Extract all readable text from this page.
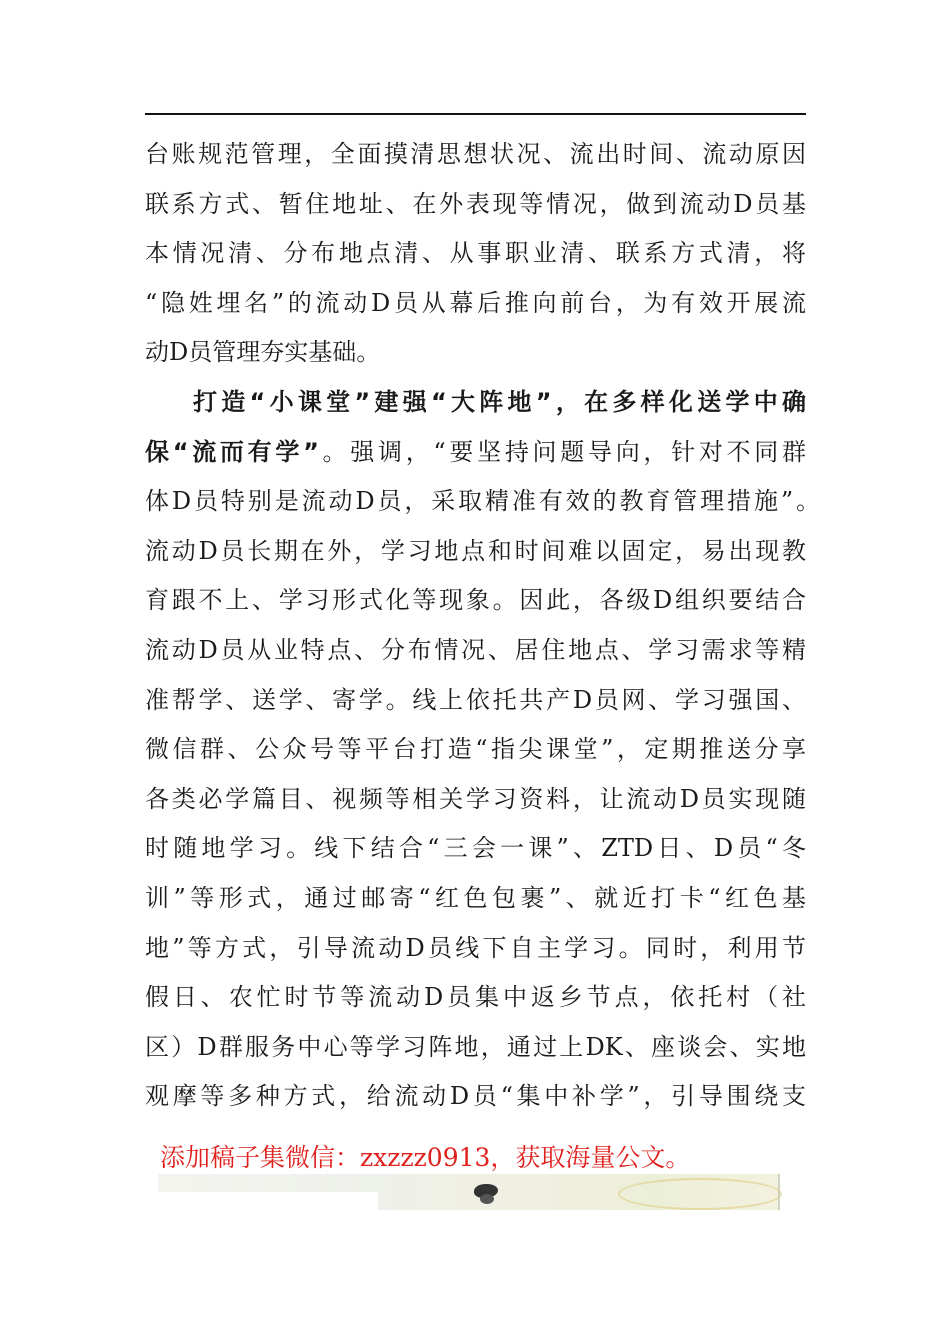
台账规范管理，全面摸清思想状况、流出时间、流动原因
联系方式、暂住地址、在外表现等情况，做到流动D员基
本情况清、分布地点清、从事职业清、联系方式清，将
“隐姓埋名”的流动D员从幕后推向前台，为有效开展流
动D员管理夯实基础。
打造“小课堂”建强“大阵地”，在多样化送学中确
保“流而有学”。强调，“要坚持问题导向，针对不同群
体D员特别是流动D员，采取精准有效的教育管理措施”。
流动D员长期在外，学习地点和时间难以固定，易出现教
育跟不上、学习形式化等现象。因此，各级D组织要结合
流动D员从业特点、分布情况、居住地点、学习需求等精
准帮学、送学、寄学。线上依托共产D员网、学习强国、
微信群、公众号等平台打造“指尖课堂”，定期推送分享
各类必学篇目、视频等相关学习资料，让流动D员实现随
时随地学习。线下结合“三会一课”、ZTD日、D员“冬
训”等形式，通过邮寄“红色包裹”、就近打卡“红色基
地”等方式，引导流动D员线下自主学习。同时，利用节
假日、农忙时节等流动D员集中返乡节点，依托村（社
区）D群服务中心等学习阵地，通过上DK、座谈会、实地
观摩等多种方式，给流动D员“集中补学”，引导围绕支
添加稿子集微信：zxzzz0913，获取海量公文。
